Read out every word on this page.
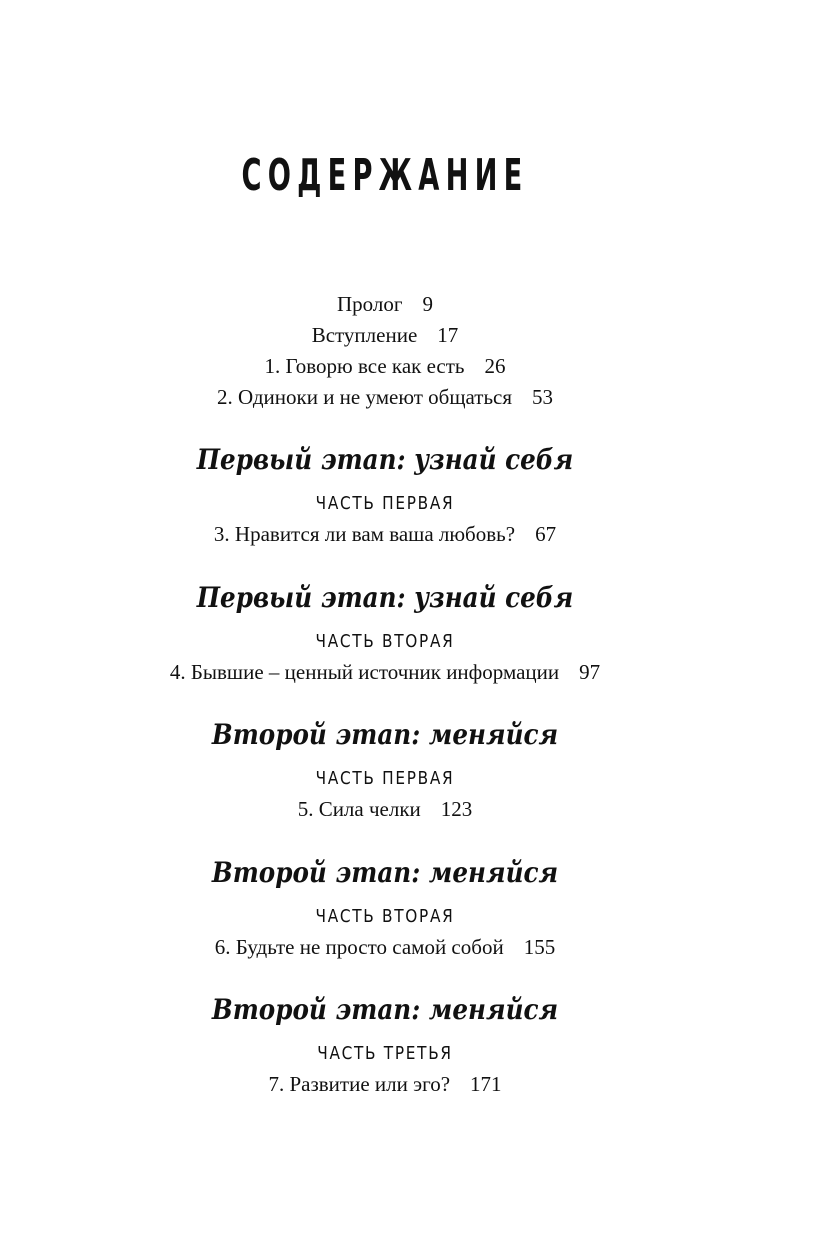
СОДЕРЖАНИЕ
Пролог 9
Вступление 17
1. Говорю все как есть 26
2. Одиноки и не умеют общаться 53
Первый этап: узнай себя
ЧАСТЬ ПЕРВАЯ
3. Нравится ли вам ваша любовь? 67
Первый этап: узнай себя
ЧАСТЬ ВТОРАЯ
4. Бывшие – ценный источник информации 97
Второй этап: меняйся
ЧАСТЬ ПЕРВАЯ
5. Сила челки 123
Второй этап: меняйся
ЧАСТЬ ВТОРАЯ
6. Будьте не просто самой собой 155
Второй этап: меняйся
ЧАСТЬ ТРЕТЬЯ
7. Развитие или эго? 171
